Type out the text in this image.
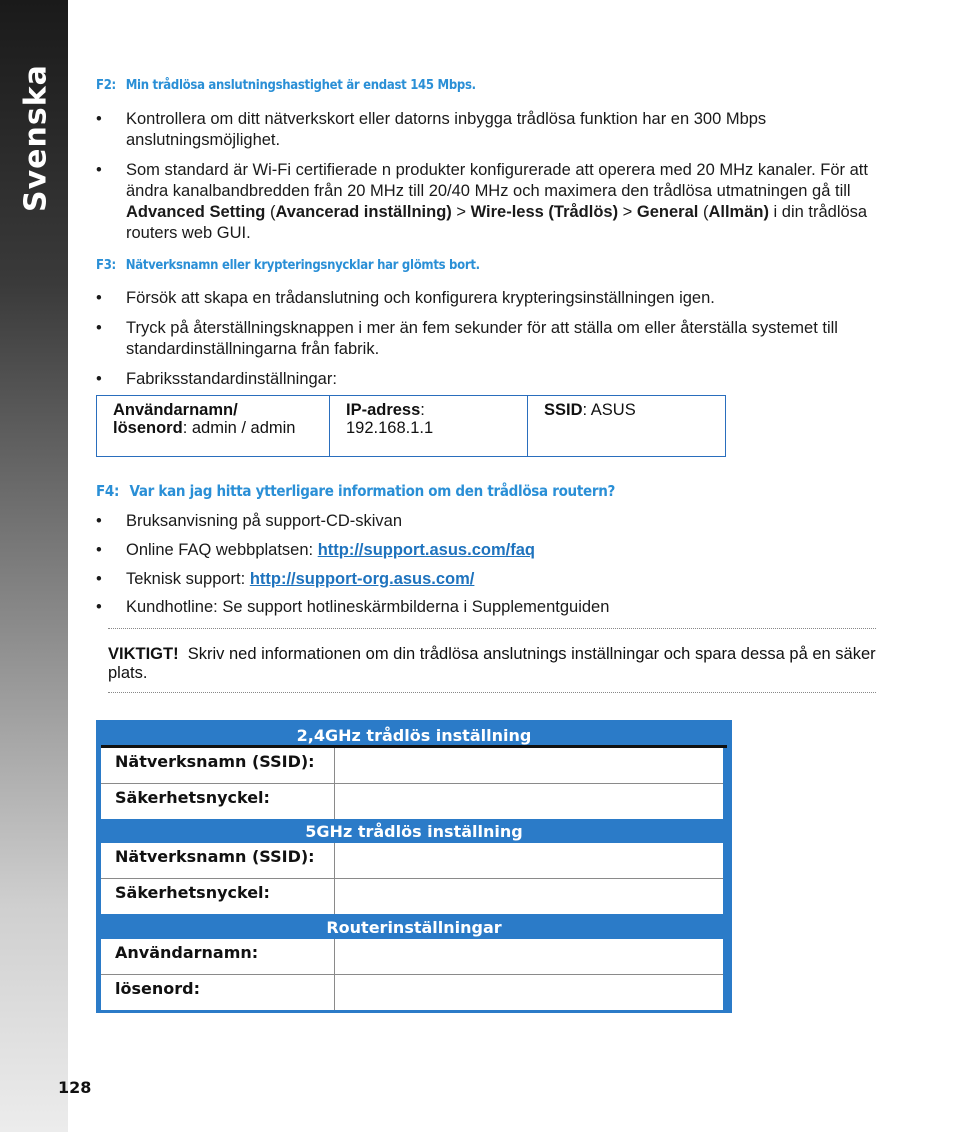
Svenska	F2: Min trådlösa anslutningshastighet är endast 145 Mbps.
•	Kontrollera om ditt nätverkskort eller datorns inbygga trådlösa funktion har en 300 Mbps anslutningsmöjlighet.
•	Som standard är Wi-Fi certifierade n produkter konfigurerade att operera med 20 MHz kanaler. För att ändra kanalbandbredden från 20 MHz till 20/40 MHz och maximera den trådlösa utmatningen gå till Advanced Setting (Avancerad inställning) > Wire-less (Trådlös) > General (Allmän) i din trådlösa routers web GUI.
F3: Nätverksnamn eller krypteringsnycklar har glömts bort.
•	Försök att skapa en trådanslutning och konfigurera krypteringsinställningen igen.
•	Tryck på återställningsknappen i mer än fem sekunder för att ställa om eller återställa systemet till standardinställningarna från fabrik.
•	Fabriksstandardinställningar:
Användarnamn/ lösenord: admin / admin	IP-adress: 192.168.1.1	SSID: ASUS
F4: Var kan jag hitta ytterligare information om den trådlösa routern?
•	Bruksanvisning på support-CD-skivan
•	Online FAQ webbplatsen: http://support.asus.com/faq
•	Teknisk support: http://support-org.asus.com/
•	Kundhotline: Se support hotlineskärmbilderna i Supplementguiden
VIKTIGT! Skriv ned informationen om din trådlösa anslutnings inställningar och spara dessa på en säker plats.
2,4GHz trådlös inställning
Nätverksnamn (SSID):
Säkerhetsnyckel:
5GHz trådlös inställning
Nätverksnamn (SSID):
Säkerhetsnyckel:
Routerinställningar
Användarnamn:
lösenord:
128
